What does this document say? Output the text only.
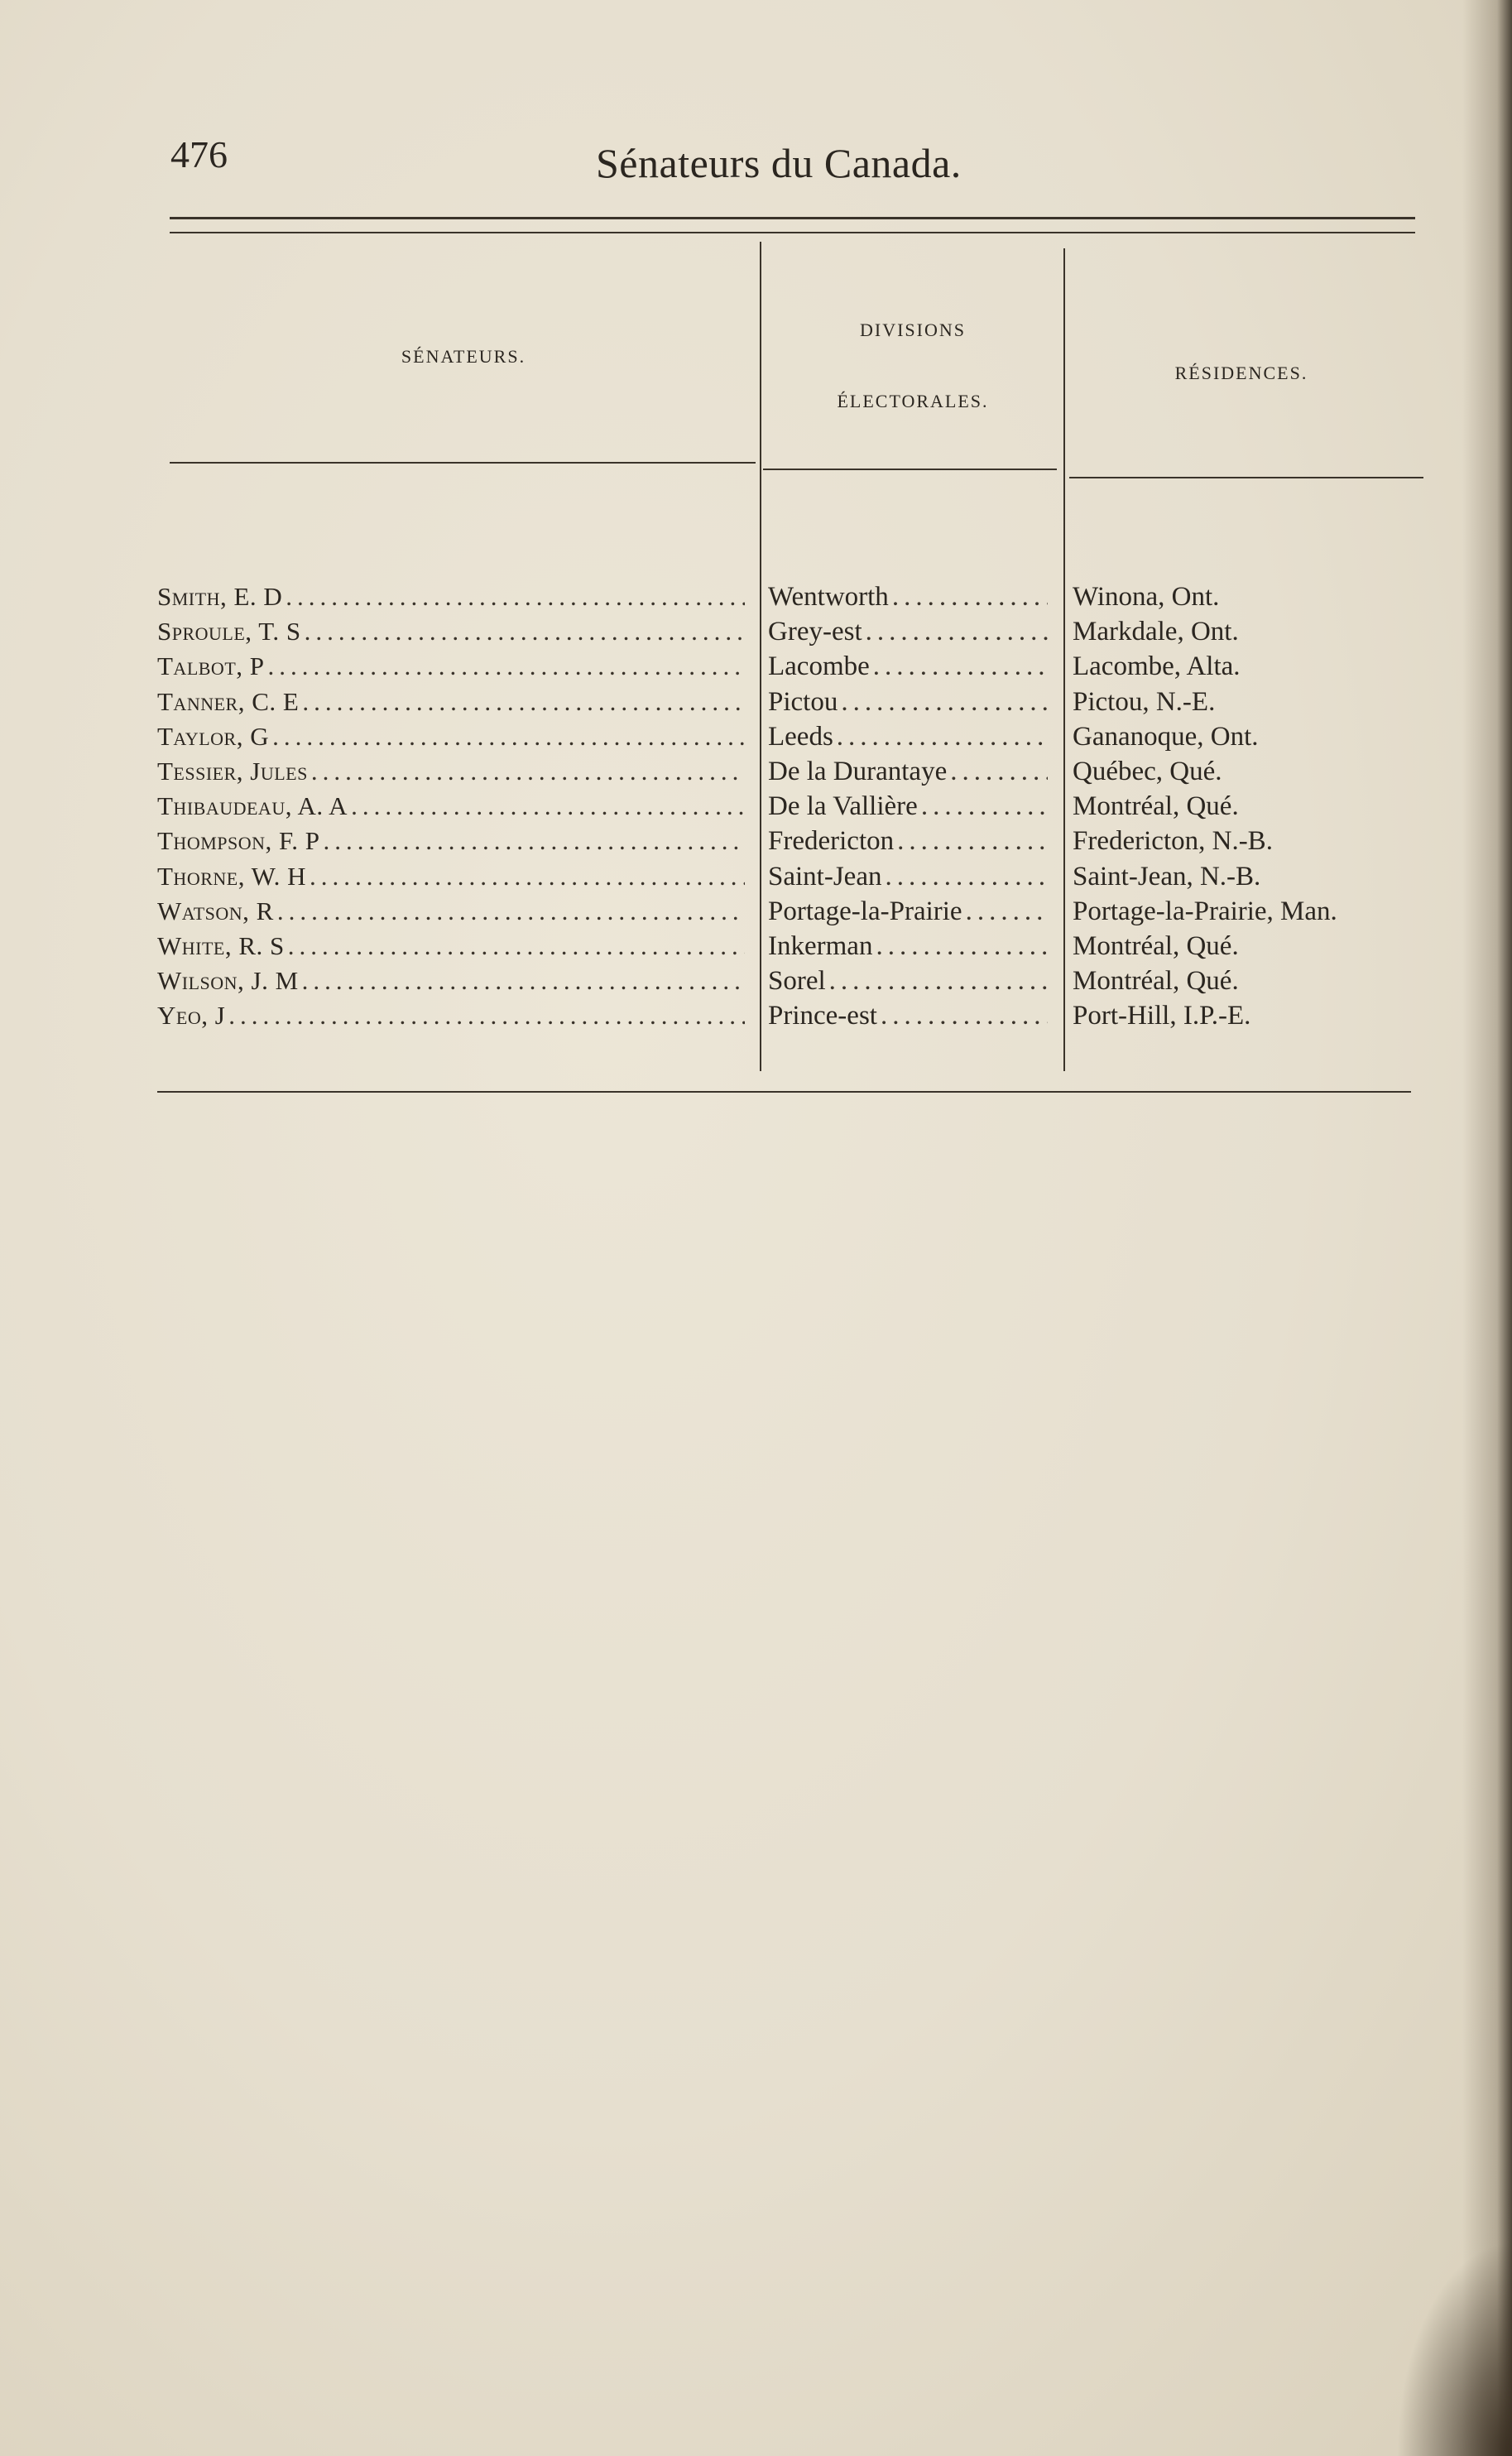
476	Sénateurs du Canada.
SÉNATEURS.
DIVISIONS
ÉLECTORALES.
RÉSIDENCES.
Smith, E. D
.....
Sproule, T. S
.....
Talbot, P
.....
Tanner, C. E
.....
Taylor, G
.....
Tessier, Jules
.....
Thibaudeau, A. A
.....
Thompson, F. P
.....
Thorne, W. H
.....
Watson, R
.....
White, R. S
.....
Wilson, J. M
.....
Yeo, J
.....
Wentworth
.....
Grey-est
.....
Lacombe
.....
Pictou
.....
Leeds
.....
De la Durantaye
.....
De la Vallière
.....
Fredericton
.....
Saint-Jean
.....
Portage-la-Prairie
.....
Inkerman
.....
Sorel
.....
Prince-est
.....
Winona, Ont.
Markdale, Ont.
Lacombe, Alta.
Pictou, N.-E.
Gananoque, Ont.
Québec, Qué.
Montréal, Qué.
Fredericton, N.-B.
Saint-Jean, N.-B.
Portage-la-Prairie, Man.
Montréal, Qué.
Montréal, Qué.
Port-Hill, I.P.-E.
